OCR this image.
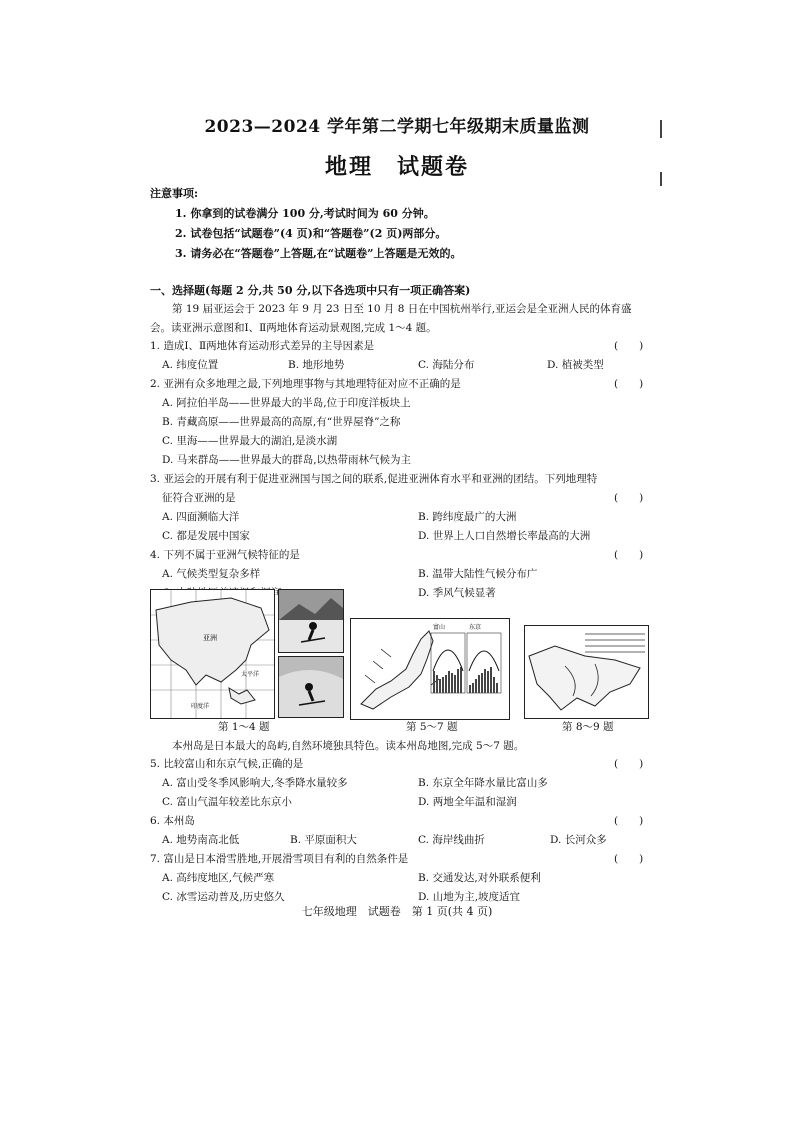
2023—2024 学年第二学期七年级期末质量监测
地理　试题卷
注意事项:
1. 你拿到的试卷满分 100 分,考试时间为 60 分钟。
2. 试卷包括“试题卷”(4 页)和“答题卷”(2 页)两部分。
3. 请务必在“答题卷”上答题,在“试题卷”上答题是无效的。
一、选择题(每题 2 分,共 50 分,以下各选项中只有一项正确答案)
第 19 届亚运会于 2023 年 9 月 23 日至 10 月 8 日在中国杭州举行,亚运会是全亚洲人民的体育盛会。读亚洲示意图和Ⅰ、Ⅱ两地体育运动景观图,完成 1～4 题。
1. 造成Ⅰ、Ⅱ两地体育运动形式差异的主导因素是	(　　)
A. 纬度位置	B. 地形地势	C. 海陆分布	D. 植被类型
2. 亚洲有众多地理之最,下列地理事物与其地理特征对应不正确的是	(　　)
A. 阿拉伯半岛——世界最大的半岛,位于印度洋板块上
B. 青藏高原——世界最高的高原,有“世界屋脊”之称
C. 里海——世界最大的湖泊,是淡水湖
D. 马来群岛——世界最大的群岛,以热带雨林气候为主
3. 亚运会的开展有利于促进亚洲国与国之间的联系,促进亚洲体育水平和亚洲的团结。下列地理特
征符合亚洲的是	(　　)
A. 四面濒临大洋	B. 跨纬度最广的大洲
C. 都是发展中国家	D. 世界上人口自然增长率最高的大洲
4. 下列不属于亚洲气候特征的是	(　　)
A. 气候类型复杂多样	B. 温带大陆性气候分布广
D. 季风气候显著
亚洲
太平洋
印度洋
富山	东京
第 1～4 题	第 5～7 题	第 8～9 题
本州岛是日本最大的岛屿,自然环境独具特色。读本州岛地图,完成 5～7 题。
5. 比较富山和东京气候,正确的是	(　　)
A. 富山受冬季风影响大,冬季降水量较多	B. 东京全年降水量比富山多
C. 富山气温年较差比东京小	D. 两地全年温和湿润
6. 本州岛	(　　)
A. 地势南高北低	B. 平原面积大	C. 海岸线曲折	D. 长河众多
7. 富山是日本滑雪胜地,开展滑雪项目有利的自然条件是	(　　)
A. 高纬度地区,气候严寒	B. 交通发达,对外联系便利
C. 冰雪运动普及,历史悠久	D. 山地为主,坡度适宜
七年级地理　试题卷　第 1 页(共 4 页)
